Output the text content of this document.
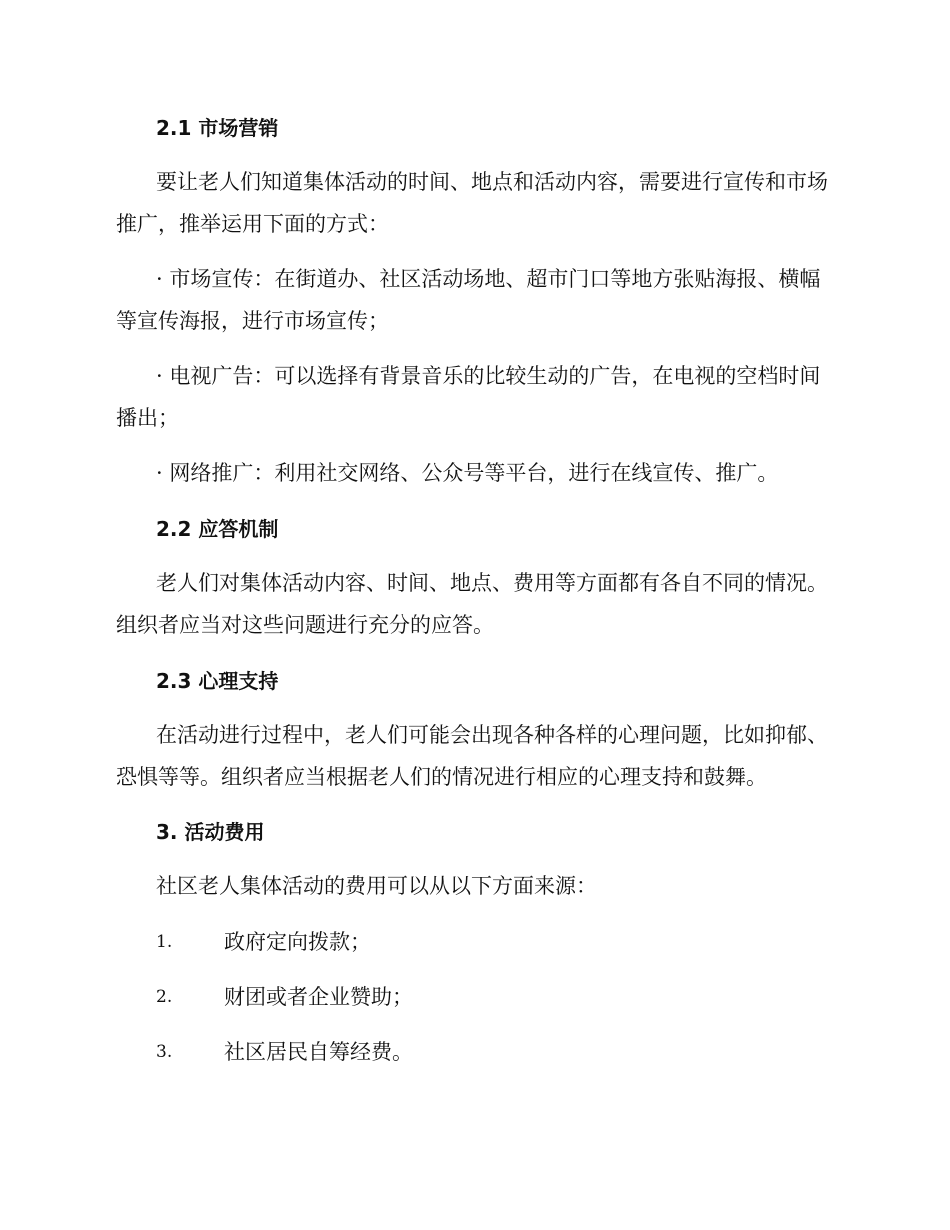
2.1 市场营销

要让老人们知道集体活动的时间、地点和活动内容，需要进行宣传和市场推广，推举运用下面的方式：

· 市场宣传：在街道办、社区活动场地、超市门口等地方张贴海报、横幅等宣传海报，进行市场宣传；

· 电视广告：可以选择有背景音乐的比较生动的广告，在电视的空档时间播出；

· 网络推广：利用社交网络、公众号等平台，进行在线宣传、推广。

2.2 应答机制

老人们对集体活动内容、时间、地点、费用等方面都有各自不同的情况。组织者应当对这些问题进行充分的应答。

2.3 心理支持

在活动进行过程中，老人们可能会出现各种各样的心理问题，比如抑郁、恐惧等等。组织者应当根据老人们的情况进行相应的心理支持和鼓舞。

3. 活动费用

社区老人集体活动的费用可以从以下方面来源：

1. 政府定向拨款；
2. 财团或者企业赞助；
3. 社区居民自筹经费。
